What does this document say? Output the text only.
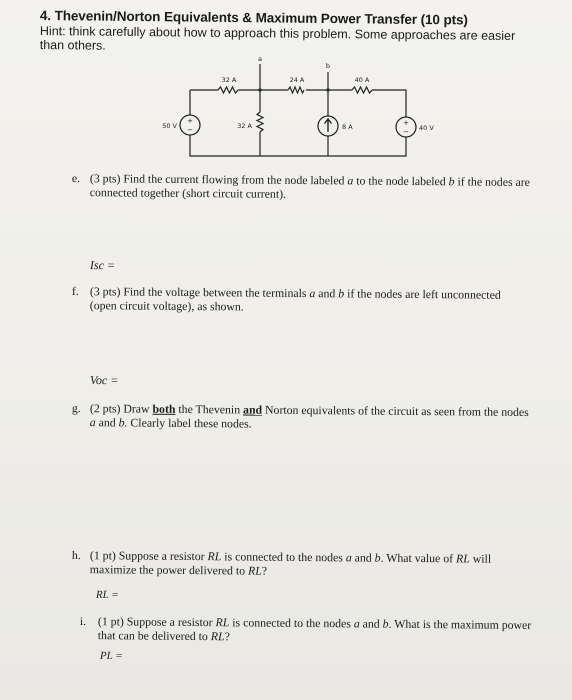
4. Thevenin/Norton Equivalents & Maximum Power Transfer (10 pts)
Hint: think carefully about how to approach this problem. Some approaches are easier than others.
+
−
+
−
a
b
32 A	24 A	40 A
32 A
50 V	8 A	40 V
e. (3 pts) Find the current flowing from the node labeled a to the node labeled b if the nodes are connected together (short circuit current).
Isc =
f. (3 pts) Find the voltage between the terminals a and b if the nodes are left unconnected (open circuit voltage), as shown.
Voc =
g. (2 pts) Draw both the Thevenin and Norton equivalents of the circuit as seen from the nodes a and b. Clearly label these nodes.
h. (1 pt) Suppose a resistor RL is connected to the nodes a and b. What value of RL will maximize the power delivered to RL?
RL =
i. (1 pt) Suppose a resistor RL is connected to the nodes a and b. What is the maximum power that can be delivered to RL?
PL =
